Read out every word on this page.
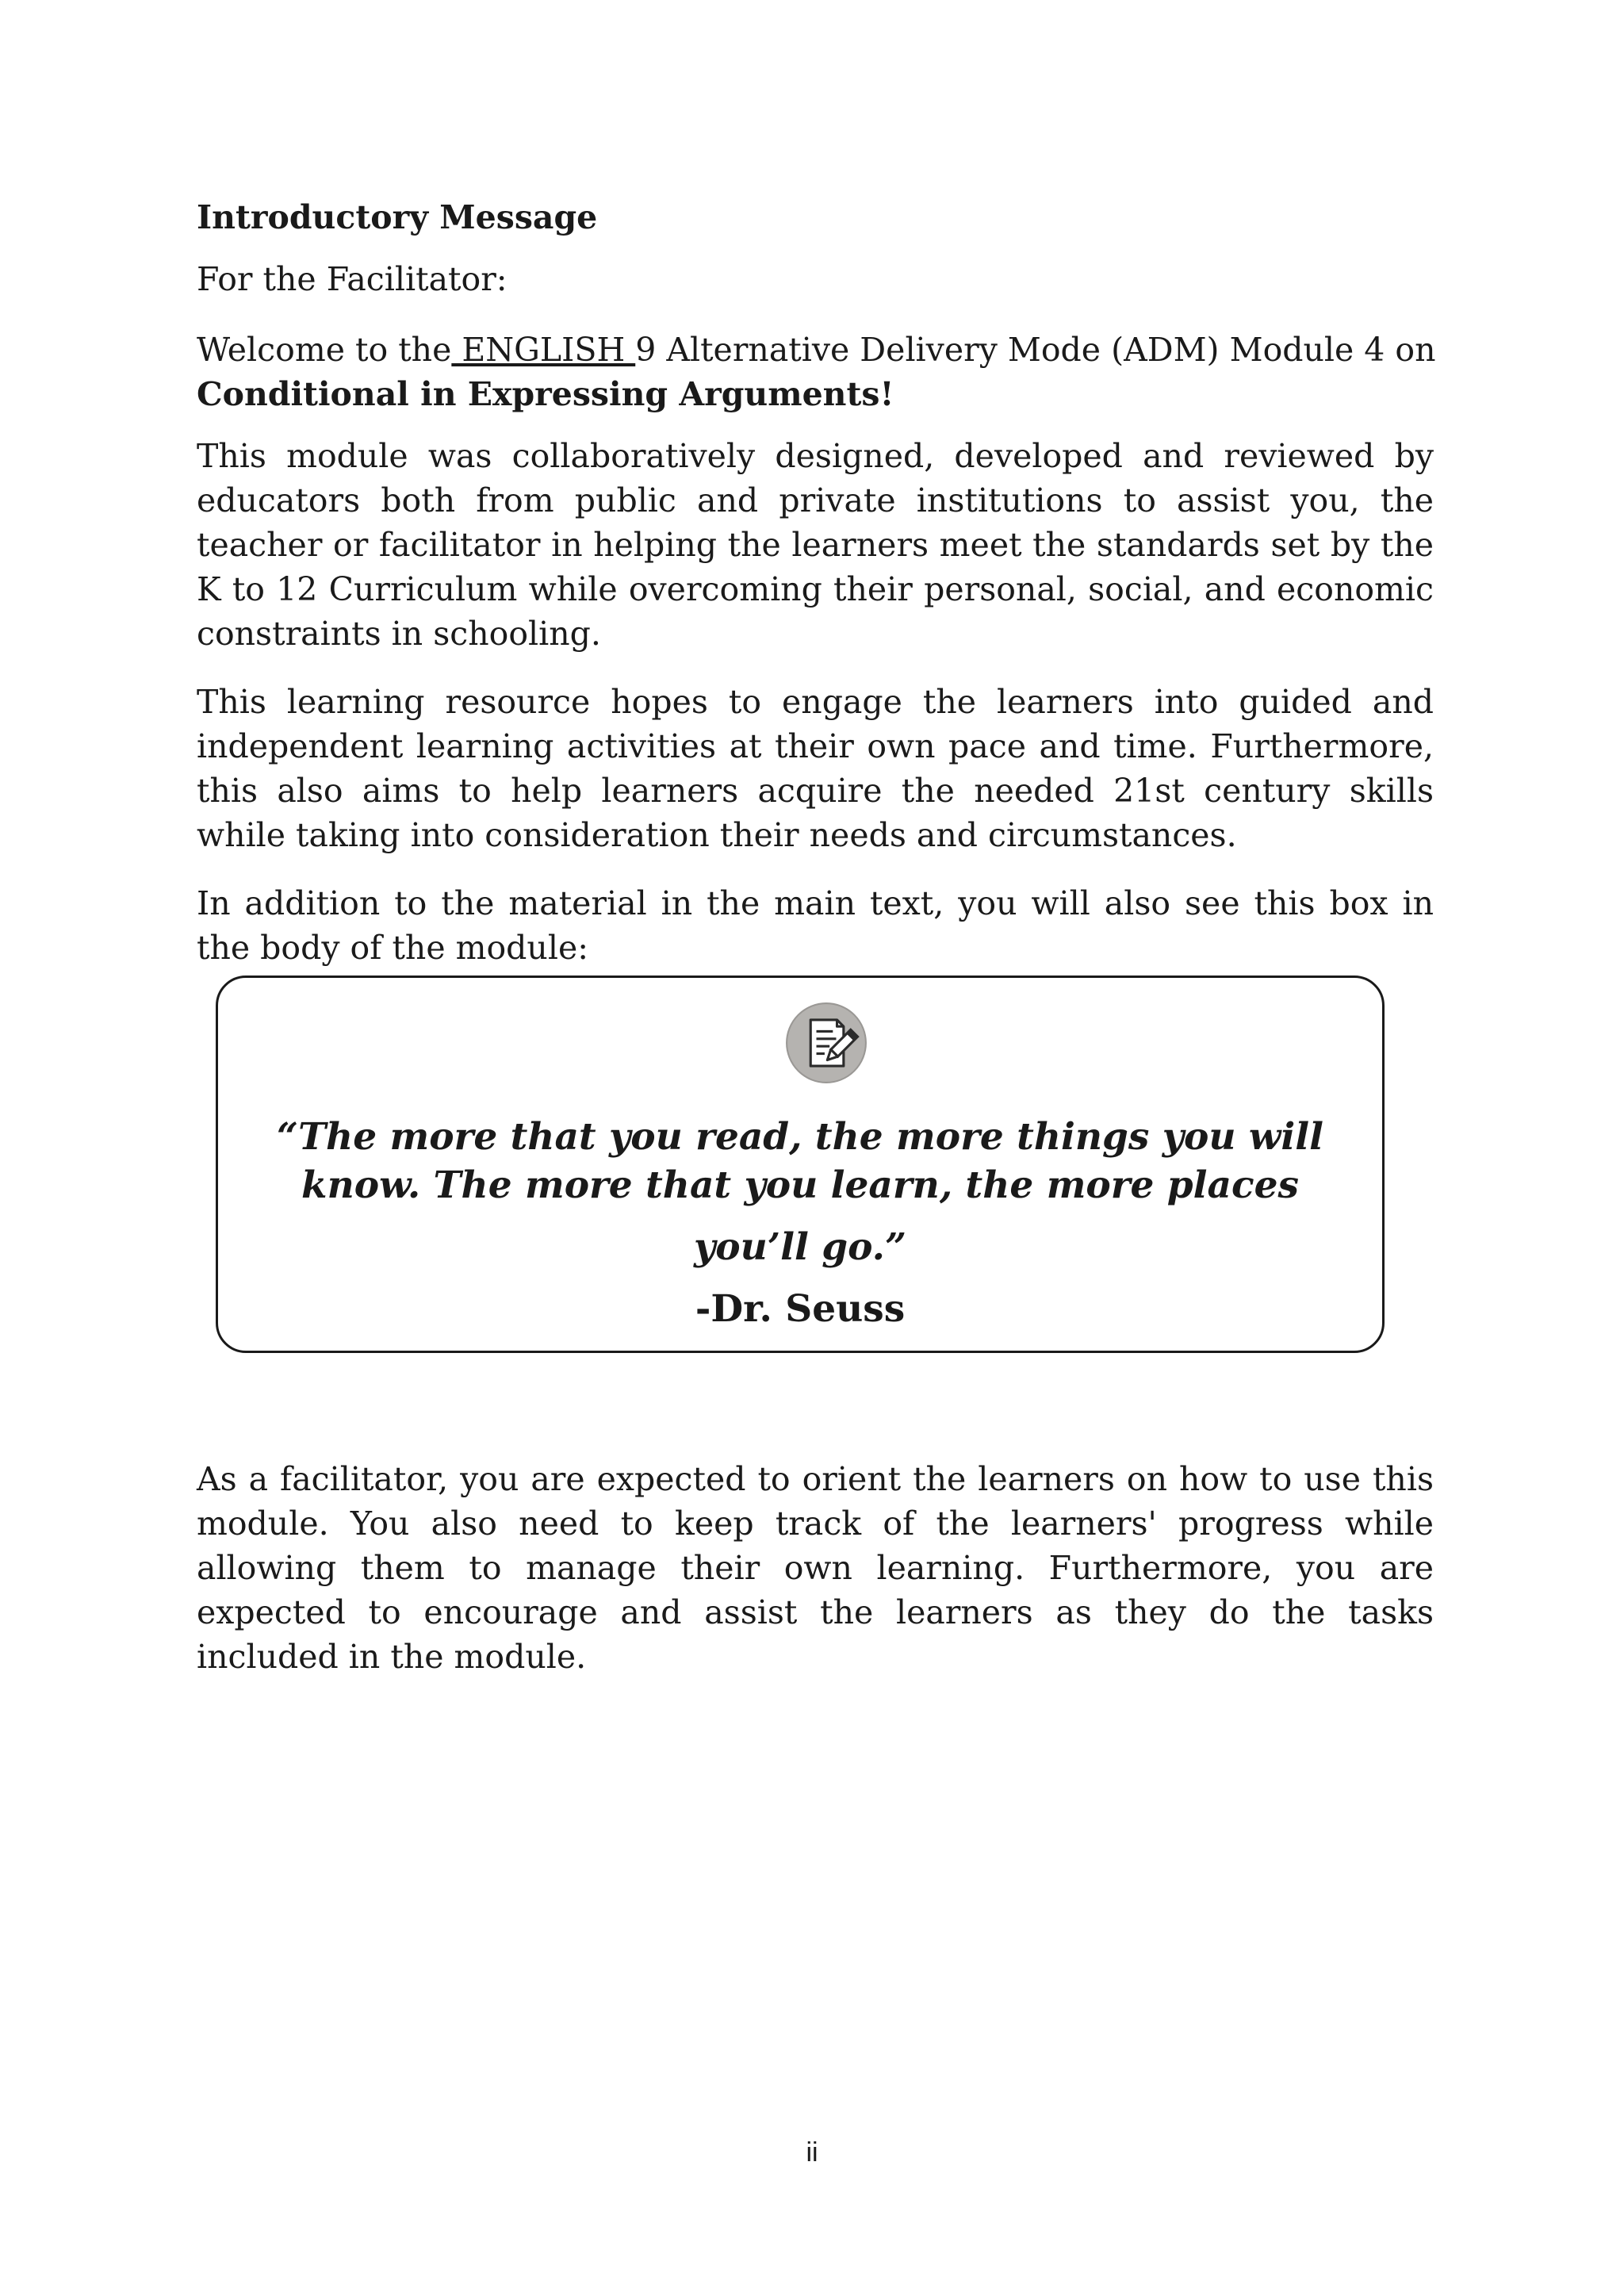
Introductory Message
For the Facilitator:
Welcome to the ENGLISH 9 Alternative Delivery Mode (ADM) Module 4 on
Conditional in Expressing Arguments!
This module was collaboratively designed, developed and reviewed by educators both from public and private institutions to assist you, the teacher or facilitator in helping the learners meet the standards set by the K to 12 Curriculum while overcoming their personal, social, and economic constraints in schooling.
This learning resource hopes to engage the learners into guided and independent learning activities at their own pace and time. Furthermore, this also aims to help learners acquire the needed 21st century skills while taking into consideration their needs and circumstances.
In addition to the material in the main text, you will also see this box in the body of the module:
“The more that you read, the more things you will
know. The more that you learn, the more places
you’ll go.”
-Dr. Seuss
As a facilitator, you are expected to orient the learners on how to use this module. You also need to keep track of the learners' progress while allowing them to manage their own learning. Furthermore, you are expected to encourage and assist the learners as they do the tasks included in the module.
ii
